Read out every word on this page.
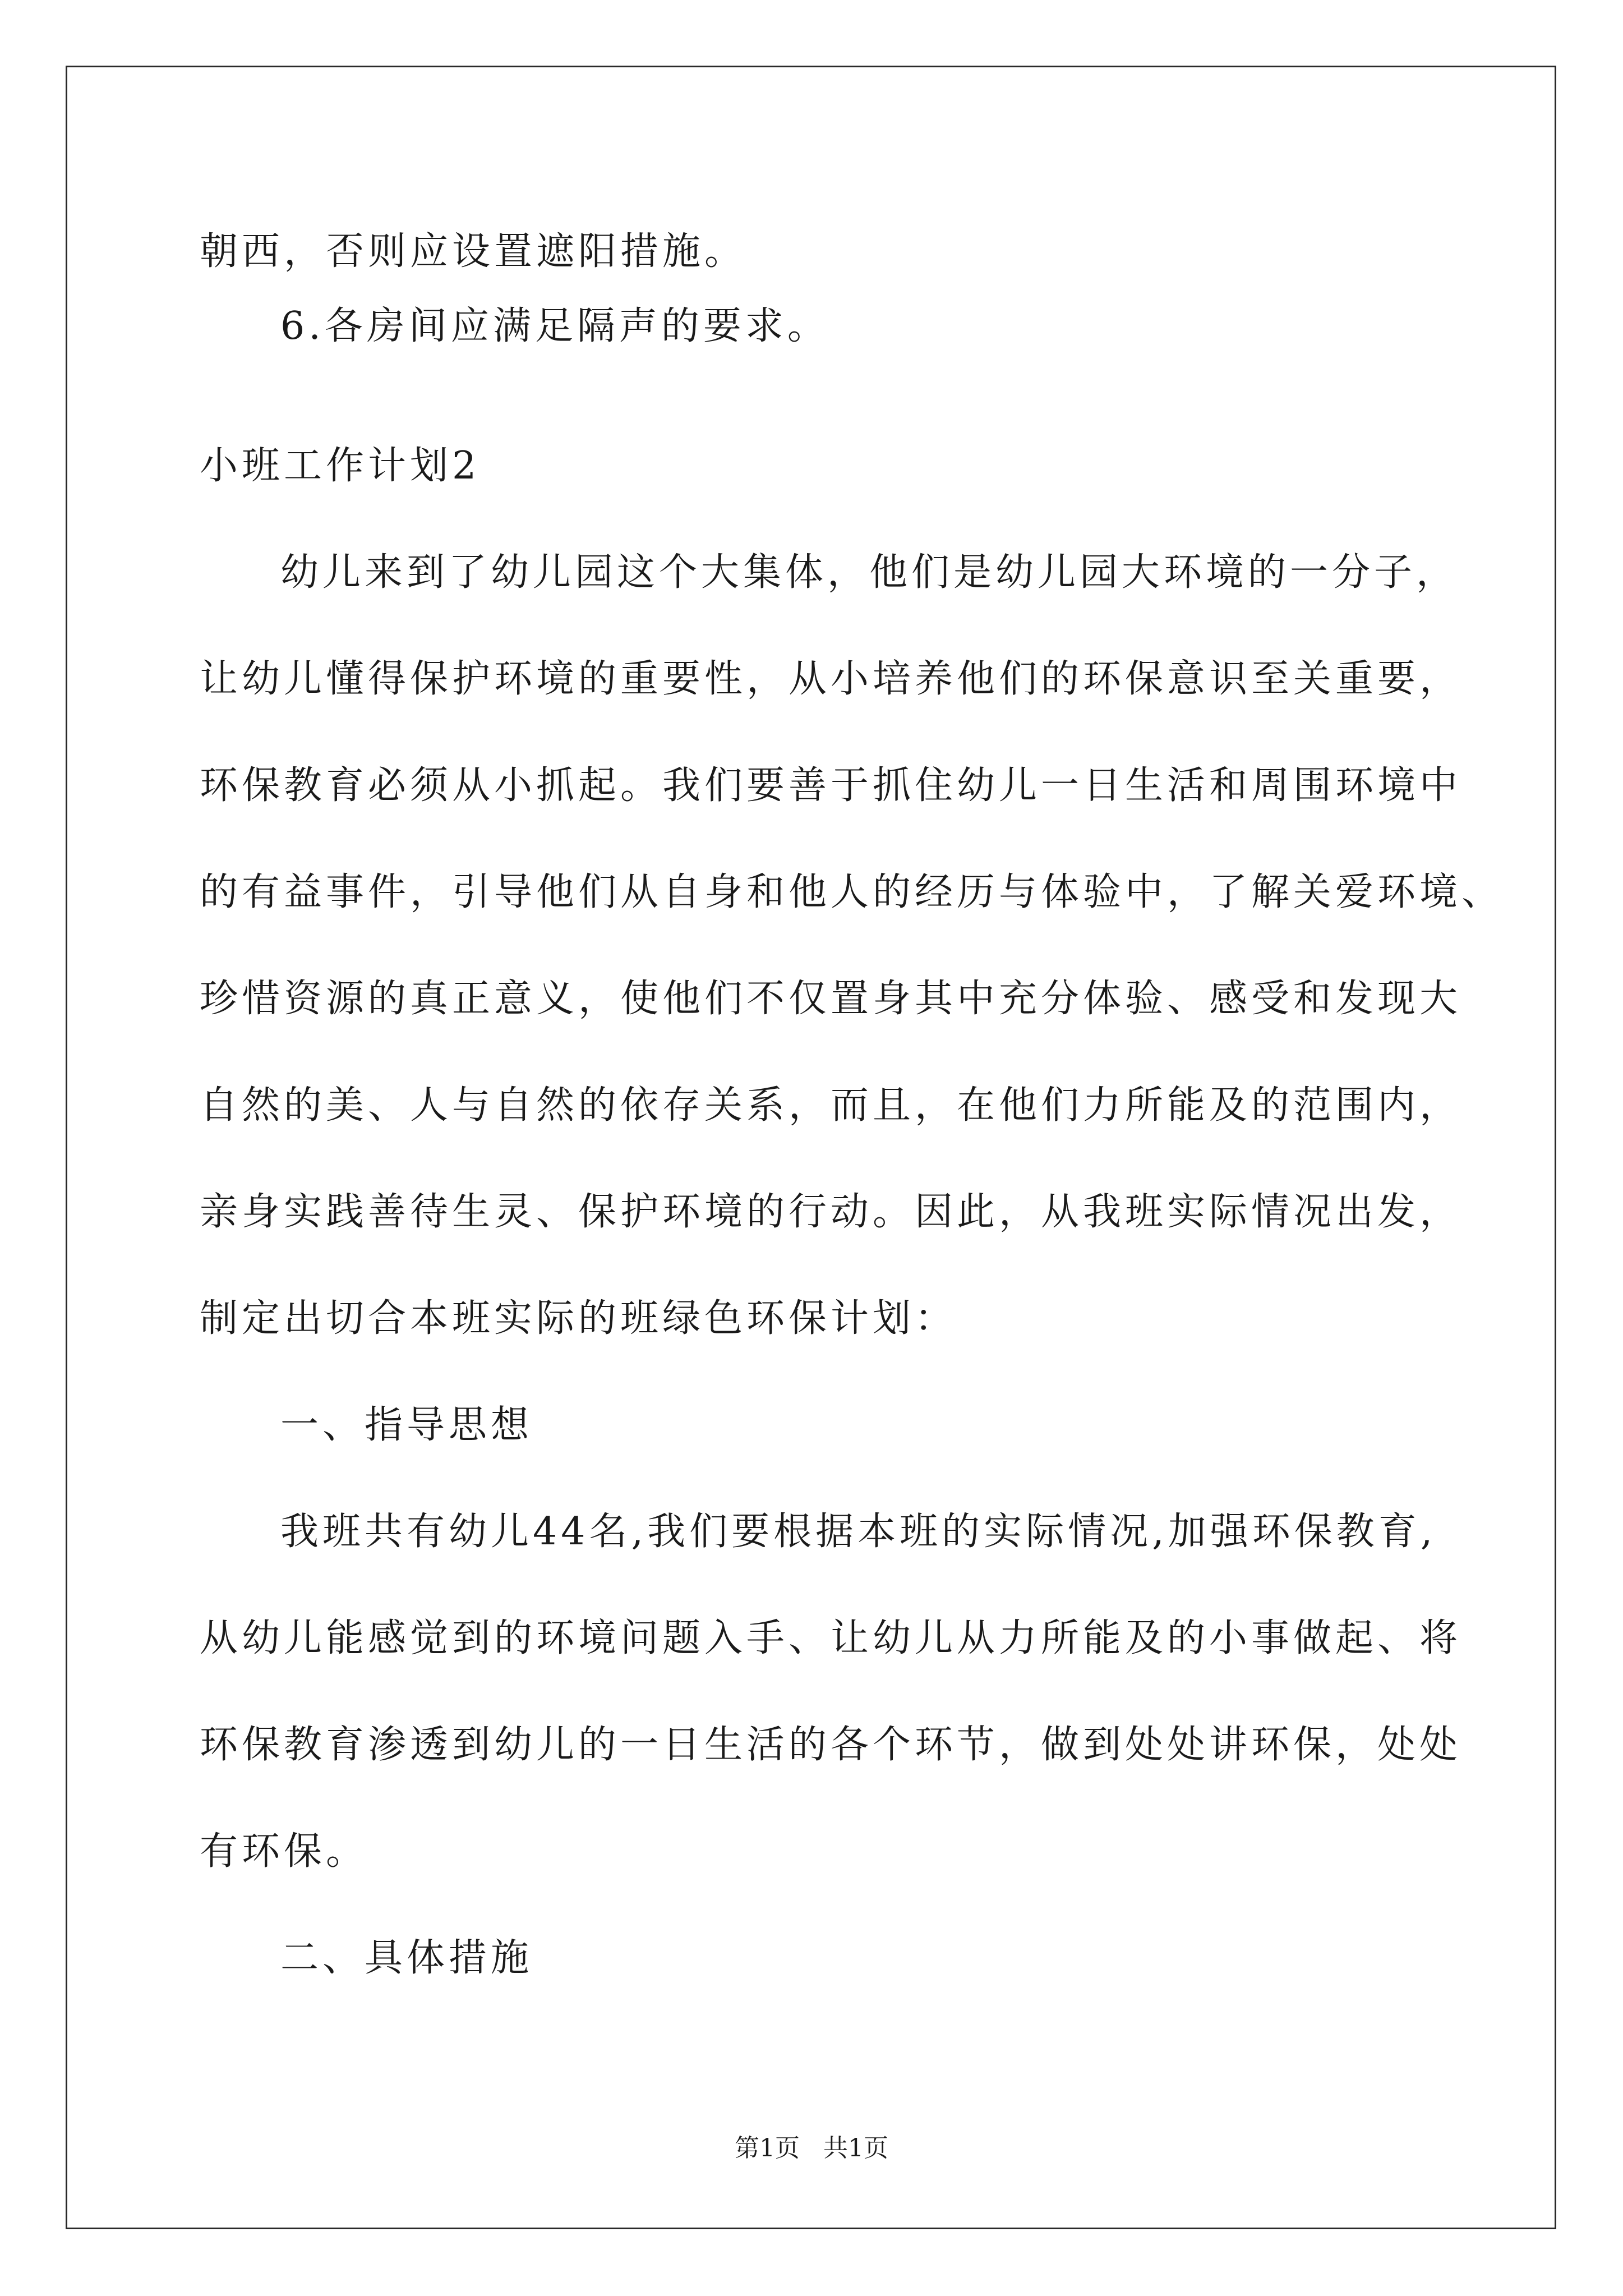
朝西，否则应设置遮阳措施。
6.各房间应满足隔声的要求。
小班工作计划2
幼儿来到了幼儿园这个大集体，他们是幼儿园大环境的一分子，
让幼儿懂得保护环境的重要性，从小培养他们的环保意识至关重要，
环保教育必须从小抓起。我们要善于抓住幼儿一日生活和周围环境中
的有益事件，引导他们从自身和他人的经历与体验中，了解关爱环境、
珍惜资源的真正意义，使他们不仅置身其中充分体验、感受和发现大
自然的美、人与自然的依存关系，而且，在他们力所能及的范围内，
亲身实践善待生灵、保护环境的行动。因此，从我班实际情况出发，
制定出切合本班实际的班绿色环保计划：
一、指导思想
我班共有幼儿44名,我们要根据本班的实际情况,加强环保教育,
从幼儿能感觉到的环境问题入手、让幼儿从力所能及的小事做起、将
环保教育渗透到幼儿的一日生活的各个环节，做到处处讲环保，处处
有环保。
二、具体措施
第1页   共1页
